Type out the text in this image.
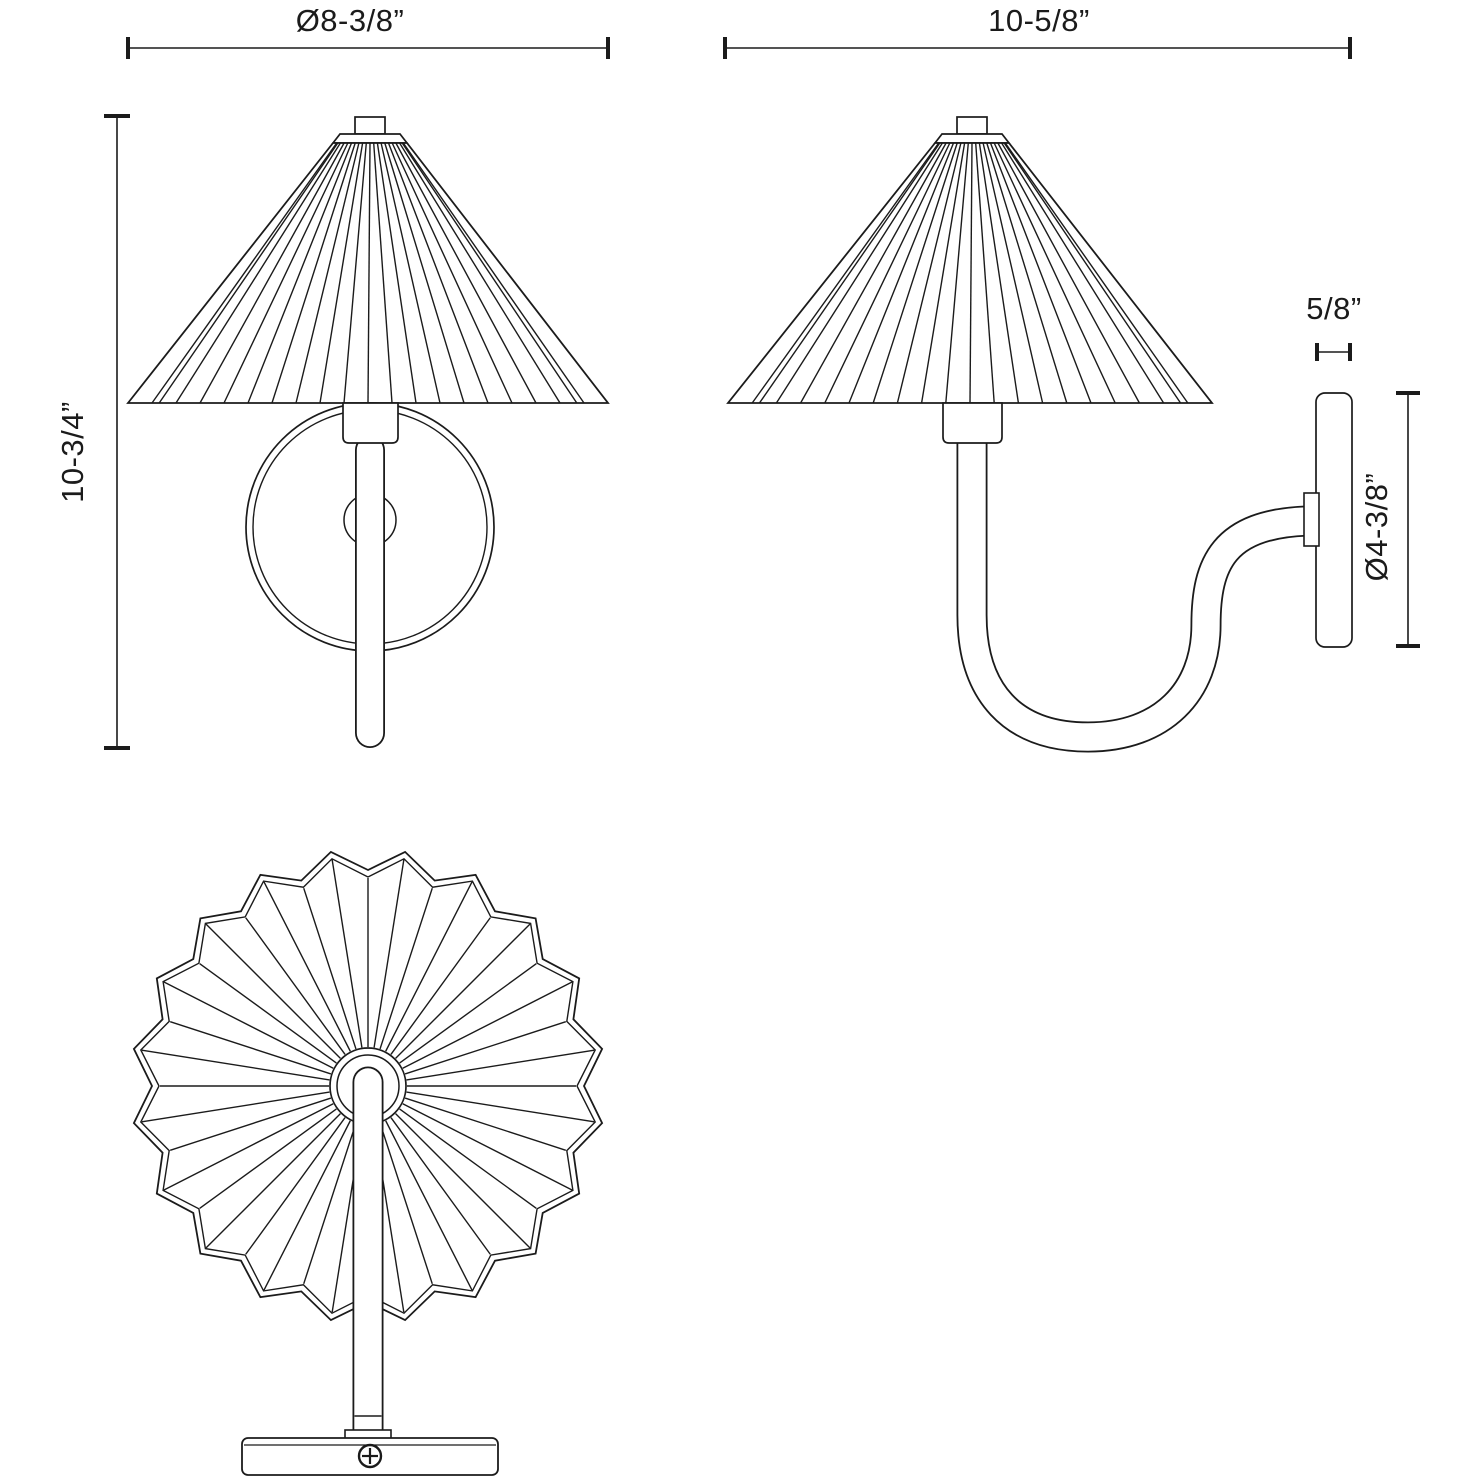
Ø8-3/8”
10-3/4”
10-5/8”
5/8”
Ø4-3/8”
